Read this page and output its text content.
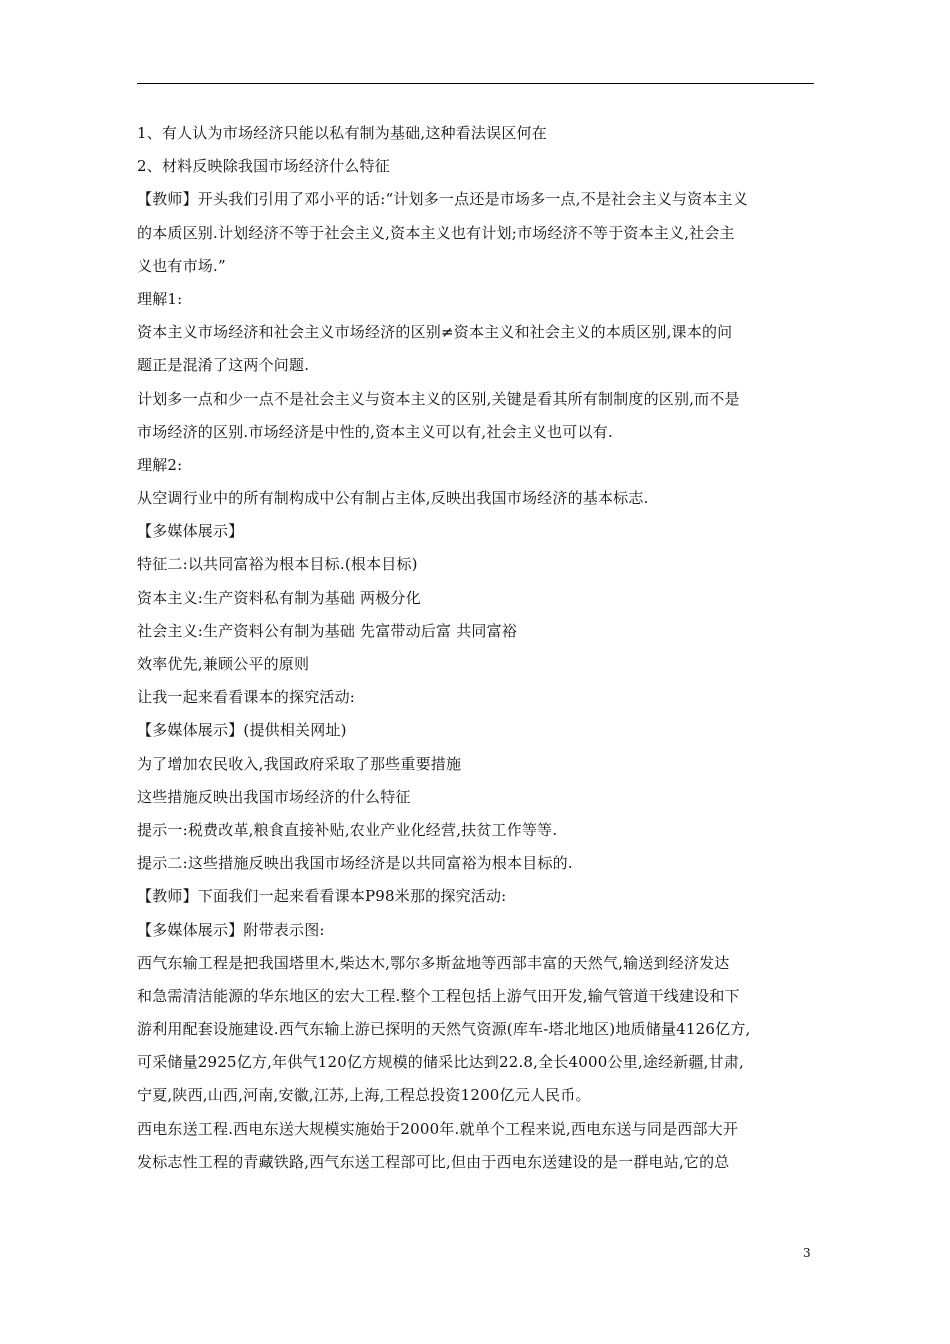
1、有人认为市场经济只能以私有制为基础,这种看法误区何在
2、材料反映除我国市场经济什么特征
【教师】开头我们引用了邓小平的话:“计划多一点还是市场多一点,不是社会主义与资本主义
的本质区别.计划经济不等于社会主义,资本主义也有计划;市场经济不等于资本主义,社会主
义也有市场.”
理解1:
资本主义市场经济和社会主义市场经济的区别≠资本主义和社会主义的本质区别,课本的问
题正是混淆了这两个问题.
计划多一点和少一点不是社会主义与资本主义的区别,关键是看其所有制制度的区别,而不是
市场经济的区别.市场经济是中性的,资本主义可以有,社会主义也可以有.
理解2:
从空调行业中的所有制构成中公有制占主体,反映出我国市场经济的基本标志.
【多媒体展示】
特征二:以共同富裕为根本目标.(根本目标)
资本主义:生产资料私有制为基础 两极分化
社会主义:生产资料公有制为基础 先富带动后富 共同富裕
效率优先,兼顾公平的原则
让我一起来看看课本的探究活动:
【多媒体展示】(提供相关网址)
为了增加农民收入,我国政府采取了那些重要措施
这些措施反映出我国市场经济的什么特征
提示一:税费改革,粮食直接补贴,农业产业化经营,扶贫工作等等.
提示二:这些措施反映出我国市场经济是以共同富裕为根本目标的.
【教师】下面我们一起来看看课本P98米那的探究活动:
【多媒体展示】附带表示图:
西气东输工程是把我国塔里木,柴达木,鄂尔多斯盆地等西部丰富的天然气,输送到经济发达
和急需清洁能源的华东地区的宏大工程.整个工程包括上游气田开发,输气管道干线建设和下
游利用配套设施建设.西气东输上游已探明的天然气资源(库车-塔北地区)地质储量4126亿方,
可采储量2925亿方,年供气120亿方规模的储采比达到22.8,全长4000公里,途经新疆,甘肃,
宁夏,陕西,山西,河南,安徽,江苏,上海,工程总投资1200亿元人民币。
西电东送工程.西电东送大规模实施始于2000年.就单个工程来说,西电东送与同是西部大开
发标志性工程的青藏铁路,西气东送工程部可比,但由于西电东送建设的是一群电站,它的总
3
